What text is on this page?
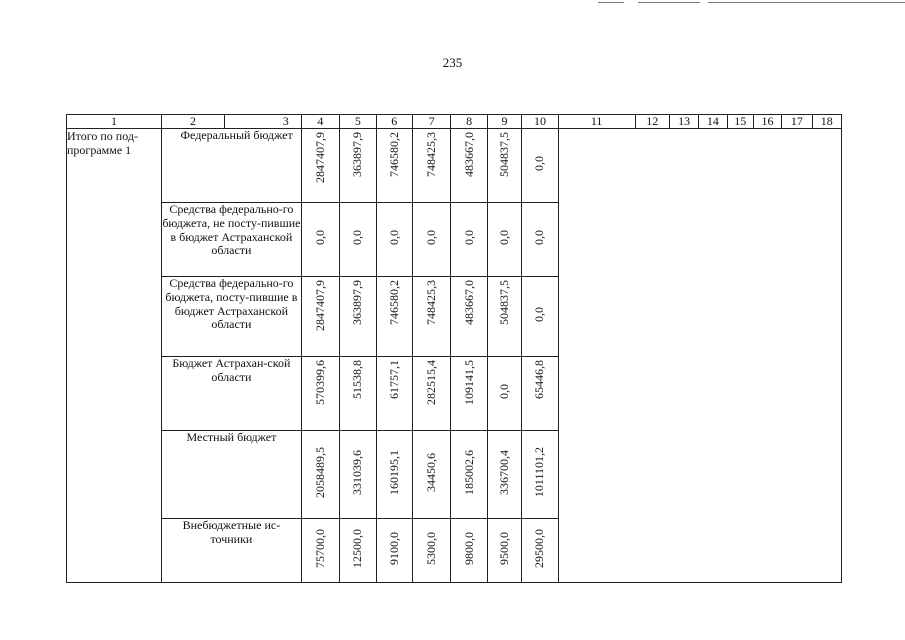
235
1	2	3	4	5	6	7	8	9	10	11	12	13	14	15	16	17	18
Итого по под-программе 1	Федеральный бюджет		2847407,9	363897,9	746580,2	748425,3	483667,0	504837,5	0,0								
	Средства федерально-го бюджета, не посту-пившие в бюджет Астраханской области		0,0	0,0	0,0	0,0	0,0	0,0	0,0								
	Средства федерально-го бюджета, посту-пившие в бюджет Астраханской области		2847407,9	363897,9	746580,2	748425,3	483667,0	504837,5	0,0								
	Бюджет Астрахан-ской области		570399,6	51538,8	61757,1	282515,4	109141,5	0,0	65446,8								
	Местный бюджет		2058489,5	331039,6	160195,1	34450,6	185002,6	336700,4	1011101,2								
	Внебюджетные ис-точники		75700,0	12500,0	9100,0	5300,0	9800,0	9500,0	29500,0								
